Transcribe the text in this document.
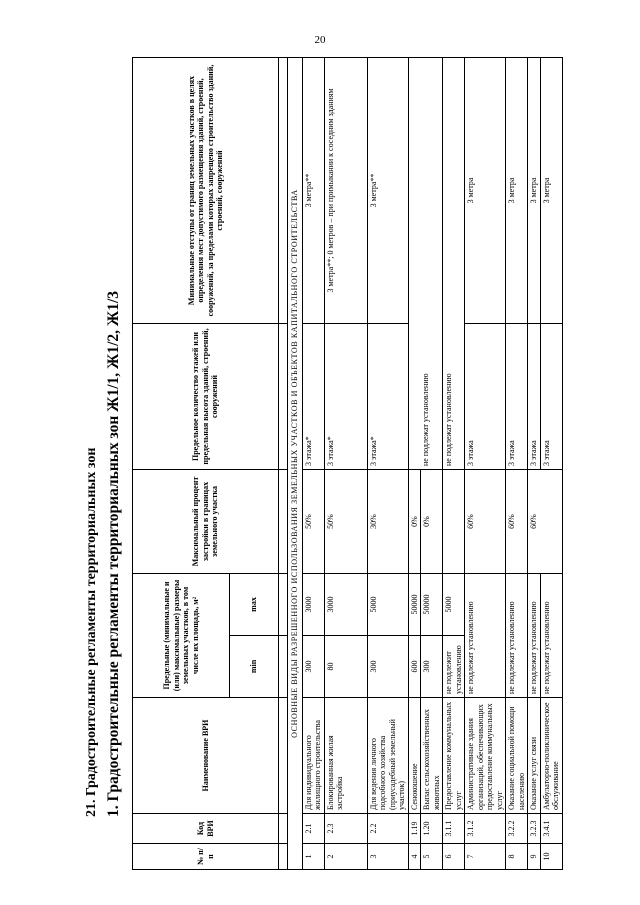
20
21. Градостроительные регламенты территориальных зон 1. Градостроительные регламенты территориальных зон Ж1/1, Ж1/2, Ж1/3
№ п/п	Код ВРИ	Наименование ВРИ	Предельные (минимальные и (или) максимальные) размеры земельных участков, в том числе их площадь, м²		Максимальный процент застройки в границах земельного участка	Предельное количество этажей или предельная высота зданий, строений, сооружений	Минимальные отступы от границ земельных участков в целях определения мест допустимого размещения зданий, строений, сооружений, за пределами которых запрещено строительство зданий, строений, сооружений
			min	max			

ОСНОВНЫЕ ВИДЫ РАЗРЕШЕННОГО ИСПОЛЬЗОВАНИЯ ЗЕМЕЛЬНЫХ УЧАСТКОВ И ОБЪЕКТОВ КАПИТАЛЬНОГО СТРОИТЕЛЬСТВА							
1	2.1	Для индивидуального жилищного строительства	300	3000	50%	3 этажа*	3 метра**
2	2.3	Блокированная жилая застройка	80	3000	50%	3 этажа*	3 метра**; 0 метров – при примыкании к соседним зданиям
3	2.2	Для ведения личного подсобного хозяйства (приусадебный земельный участок)	300	5000	30%	3 этажа*	3 метра**
4	1.19	Сенокошение	600	50000	0%	не подлежат установлению	
5	1.20	Выпас сельскохозяйственных животных	300	50000	0%		
6	3.1.1	Предоставление коммунальных услуг	не подлежит установлению	5000		не подлежат установлению	
7	3.1.2	Административные здания организаций, обеспечивающих предоставление коммунальных услуг	не подлежат установлению		60%	3 этажа	3 метра
8	3.2.2	Оказание социальной помощи населению	не подлежат установлению		60%	3 этажа	3 метра
9	3.2.3	Оказание услуг связи	не подлежат установлению		60%	3 этажа	3 метра
10	3.4.1	Амбулаторно-поликлиническое обслуживание	не подлежат установлению			3 этажа	3 метра
